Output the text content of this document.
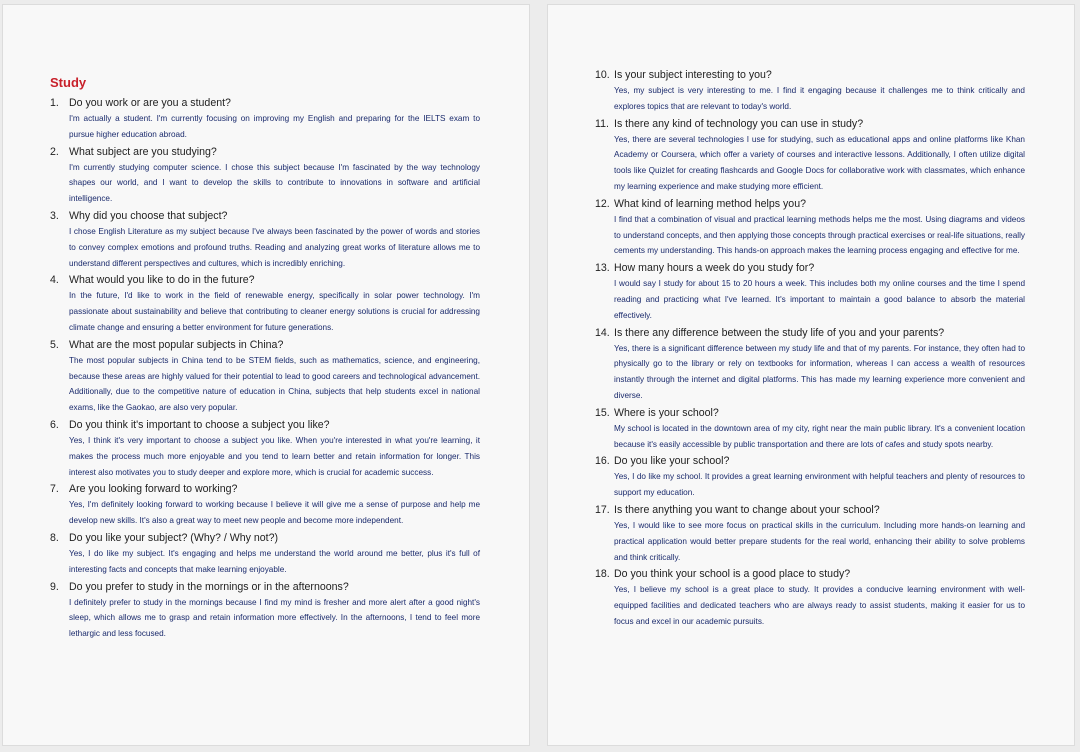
Study
1. Do you work or are you a student?
I'm actually a student. I'm currently focusing on improving my English and preparing for the IELTS exam to pursue higher education abroad.
2. What subject are you studying?
I'm currently studying computer science. I chose this subject because I'm fascinated by the way technology shapes our world, and I want to develop the skills to contribute to innovations in software and artificial intelligence.
3. Why did you choose that subject?
I chose English Literature as my subject because I've always been fascinated by the power of words and stories to convey complex emotions and profound truths. Reading and analyzing great works of literature allows me to understand different perspectives and cultures, which is incredibly enriching.
4. What would you like to do in the future?
In the future, I'd like to work in the field of renewable energy, specifically in solar power technology. I'm passionate about sustainability and believe that contributing to cleaner energy solutions is crucial for addressing climate change and ensuring a better environment for future generations.
5. What are the most popular subjects in China?
The most popular subjects in China tend to be STEM fields, such as mathematics, science, and engineering, because these areas are highly valued for their potential to lead to good careers and technological advancement. Additionally, due to the competitive nature of education in China, subjects that help students excel in national exams, like the Gaokao, are also very popular.
6. Do you think it's important to choose a subject you like?
Yes, I think it's very important to choose a subject you like. When you're interested in what you're learning, it makes the process much more enjoyable and you tend to learn better and retain information for longer. This interest also motivates you to study deeper and explore more, which is crucial for academic success.
7. Are you looking forward to working?
Yes, I'm definitely looking forward to working because I believe it will give me a sense of purpose and help me develop new skills. It's also a great way to meet new people and become more independent.
8. Do you like your subject? (Why? / Why not?)
Yes, I do like my subject. It's engaging and helps me understand the world around me better, plus it's full of interesting facts and concepts that make learning enjoyable.
9. Do you prefer to study in the mornings or in the afternoons?
I definitely prefer to study in the mornings because I find my mind is fresher and more alert after a good night's sleep, which allows me to grasp and retain information more effectively. In the afternoons, I tend to feel more lethargic and less focused.
10. Is your subject interesting to you?
Yes, my subject is very interesting to me. I find it engaging because it challenges me to think critically and explores topics that are relevant to today's world.
11. Is there any kind of technology you can use in study?
Yes, there are several technologies I use for studying, such as educational apps and online platforms like Khan Academy or Coursera, which offer a variety of courses and interactive lessons. Additionally, I often utilize digital tools like Quizlet for creating flashcards and Google Docs for collaborative work with classmates, which enhance my learning experience and make studying more efficient.
12. What kind of learning method helps you?
I find that a combination of visual and practical learning methods helps me the most. Using diagrams and videos to understand concepts, and then applying those concepts through practical exercises or real-life situations, really cements my understanding. This hands-on approach makes the learning process engaging and effective for me.
13. How many hours a week do you study for?
I would say I study for about 15 to 20 hours a week. This includes both my online courses and the time I spend reading and practicing what I've learned. It's important to maintain a good balance to absorb the material effectively.
14. Is there any difference between the study life of you and your parents?
Yes, there is a significant difference between my study life and that of my parents. For instance, they often had to physically go to the library or rely on textbooks for information, whereas I can access a wealth of resources instantly through the internet and digital platforms. This has made my learning experience more convenient and diverse.
15. Where is your school?
My school is located in the downtown area of my city, right near the main public library. It's a convenient location because it's easily accessible by public transportation and there are lots of cafes and study spots nearby.
16. Do you like your school?
Yes, I do like my school. It provides a great learning environment with helpful teachers and plenty of resources to support my education.
17. Is there anything you want to change about your school?
Yes, I would like to see more focus on practical skills in the curriculum. Including more hands-on learning and practical application would better prepare students for the real world, enhancing their ability to solve problems and think critically.
18. Do you think your school is a good place to study?
Yes, I believe my school is a great place to study. It provides a conducive learning environment with well-equipped facilities and dedicated teachers who are always ready to assist students, making it easier for us to focus and excel in our academic pursuits.
